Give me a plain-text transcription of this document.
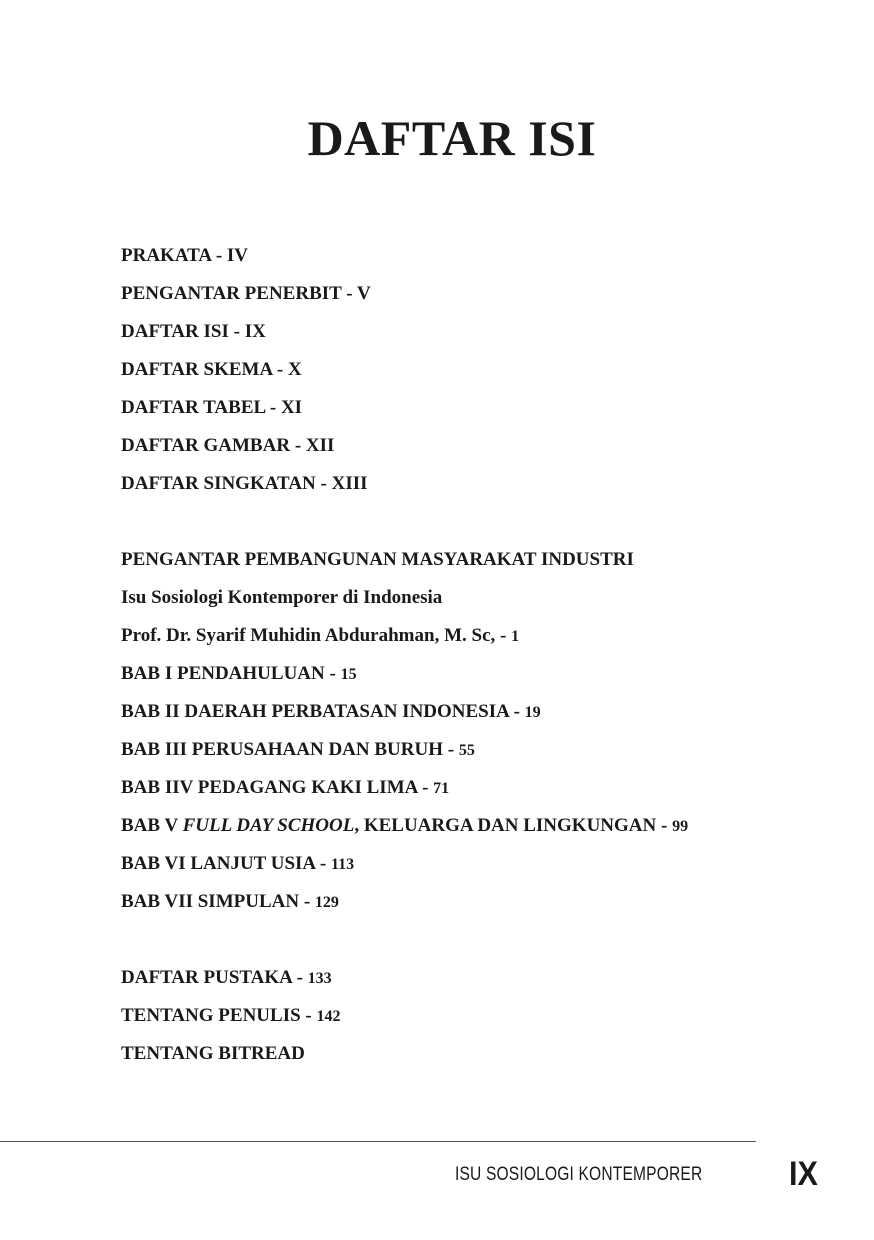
DAFTAR ISI
PRAKATA - IV
PENGANTAR PENERBIT - V
DAFTAR ISI - IX
DAFTAR SKEMA - X
DAFTAR TABEL - XI
DAFTAR GAMBAR - XII
DAFTAR SINGKATAN - XIII
PENGANTAR PEMBANGUNAN MASYARAKAT INDUSTRI
Isu Sosiologi Kontemporer di Indonesia
Prof. Dr. Syarif Muhidin Abdurahman, M. Sc, - 1
BAB I PENDAHULUAN - 15
BAB II DAERAH PERBATASAN INDONESIA - 19
BAB III PERUSAHAAN DAN BURUH - 55
BAB IIV PEDAGANG KAKI LIMA - 71
BAB V FULL DAY SCHOOL, KELUARGA DAN LINGKUNGAN - 99
BAB VI LANJUT USIA - 113
BAB VII SIMPULAN - 129
DAFTAR PUSTAKA - 133
TENTANG PENULIS - 142
TENTANG BITREAD
ISU SOSIOLOGI KONTEMPORER	IX
